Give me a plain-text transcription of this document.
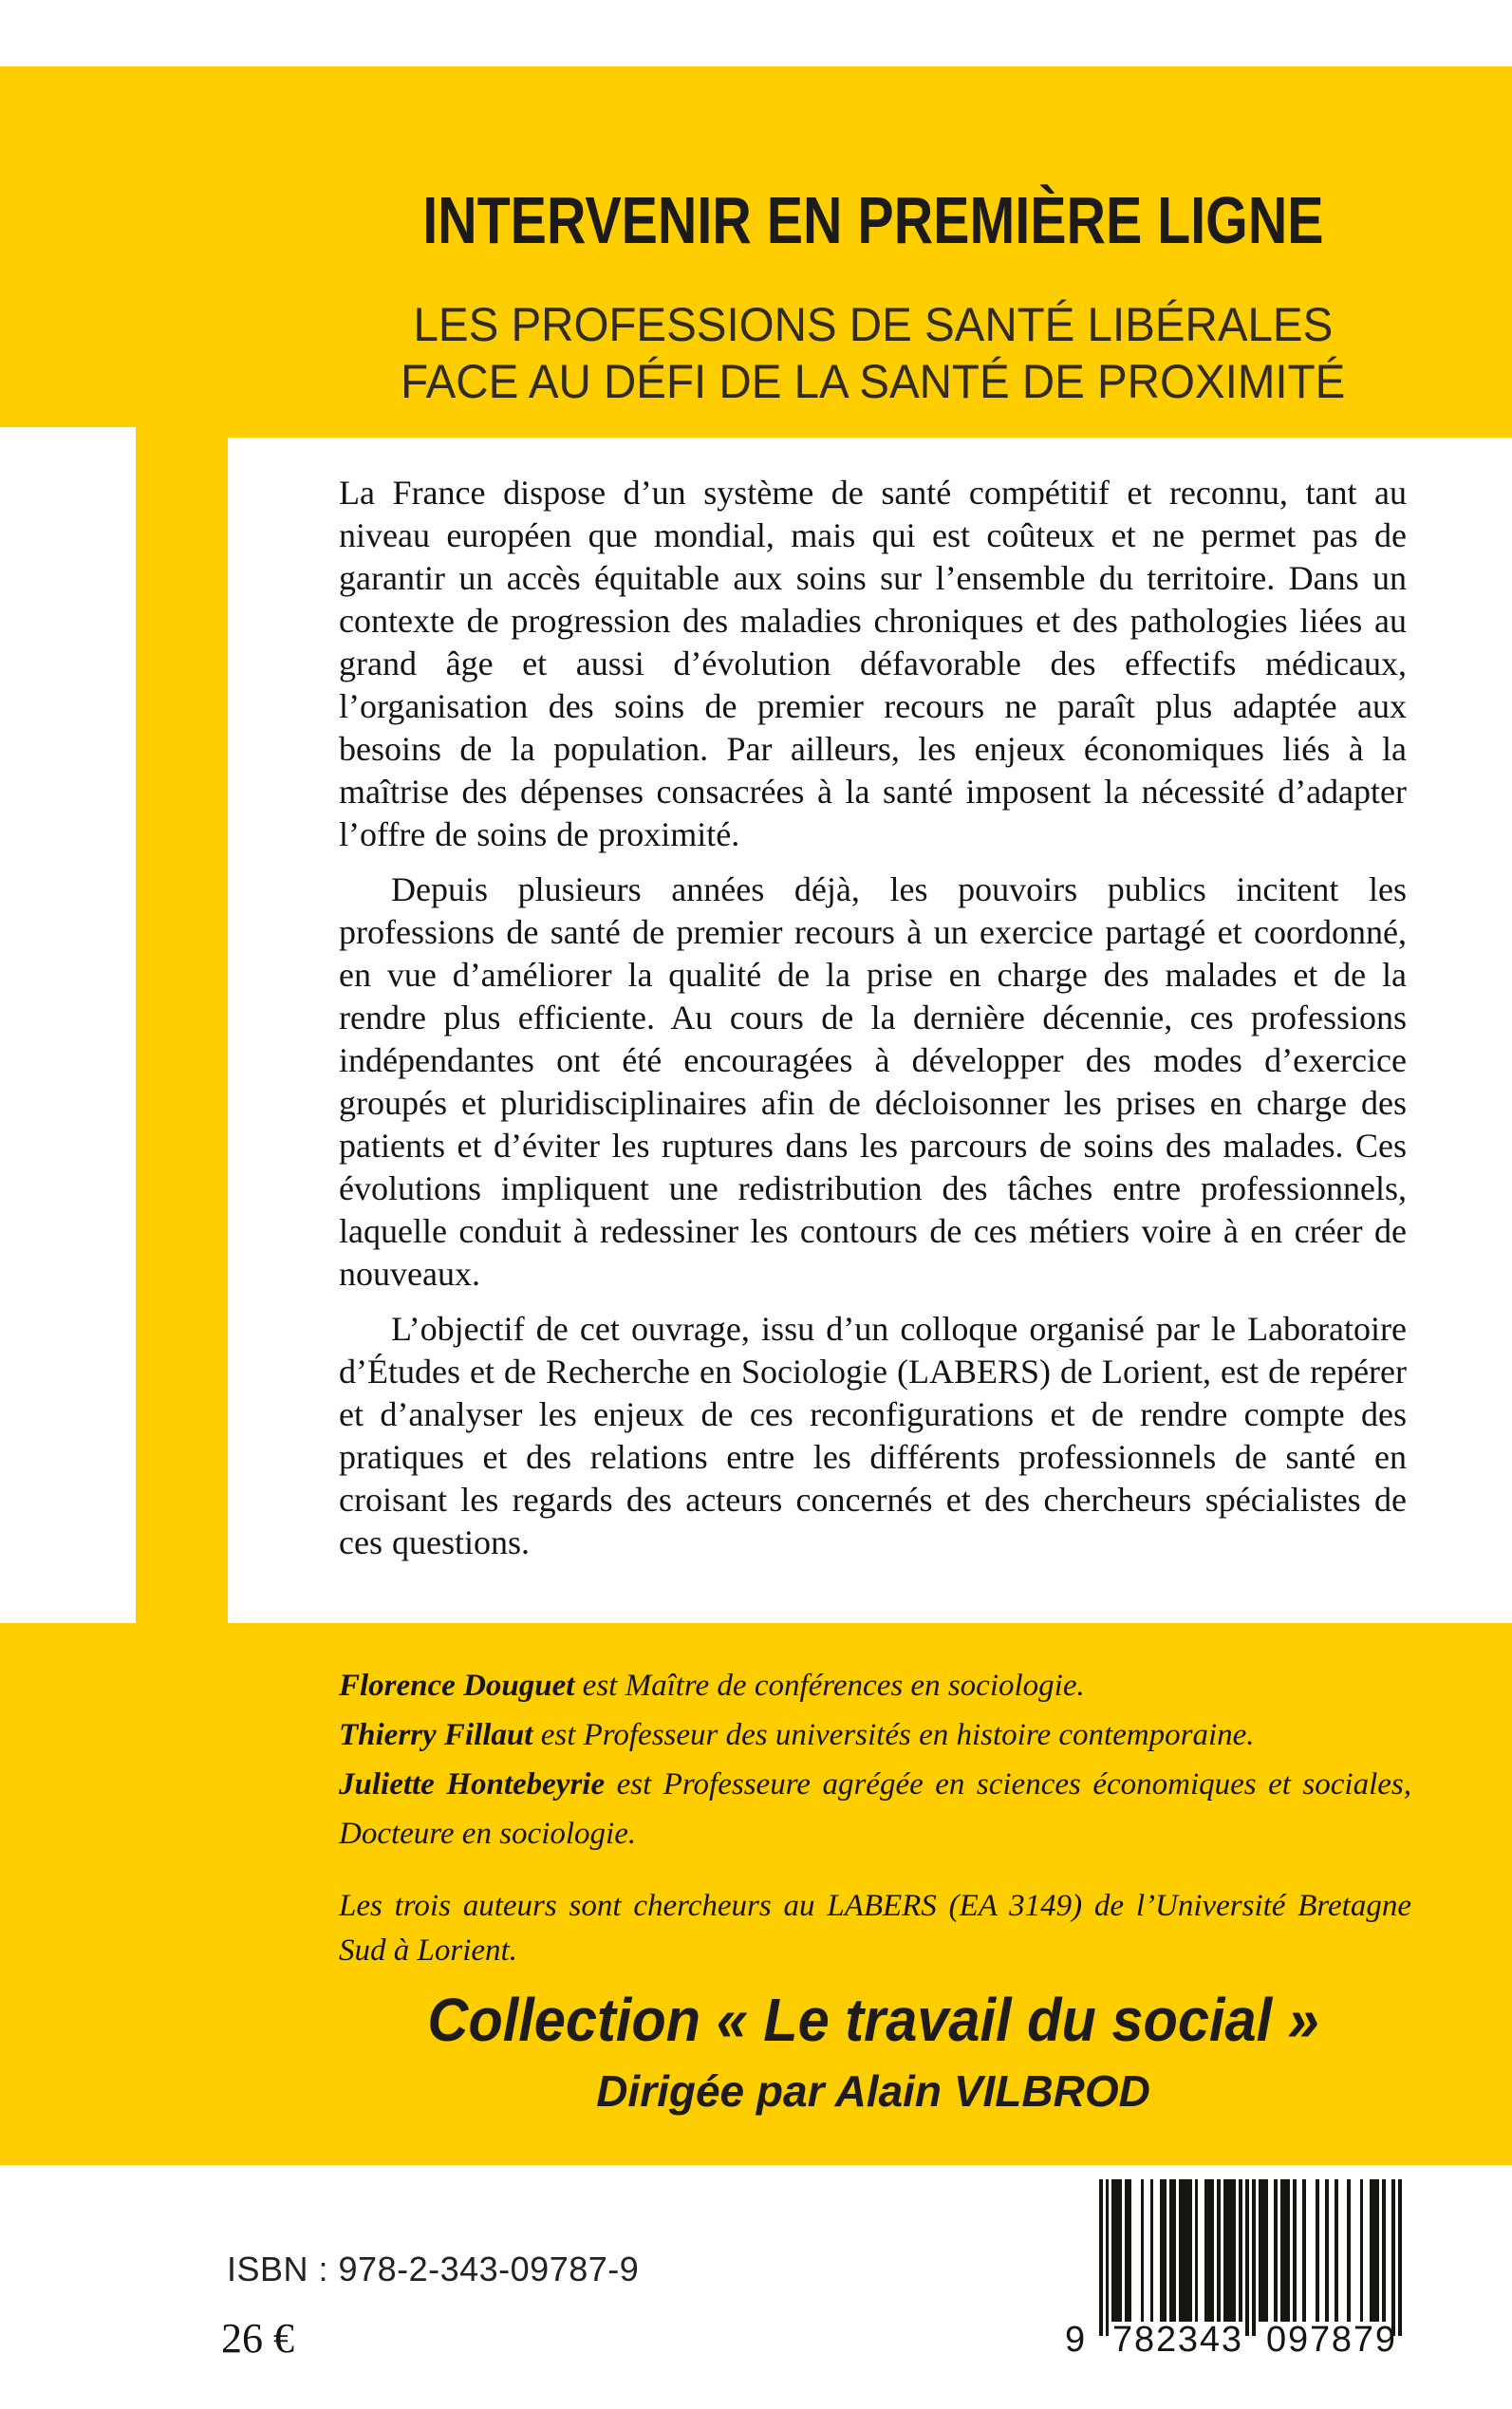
INTERVENIR EN PREMIÈRE LIGNE
LES PROFESSIONS DE SANTÉ LIBÉRALES
FACE AU DÉFI DE LA SANTÉ DE PROXIMITÉ

La France dispose d’un système de santé compétitif et reconnu, tant au niveau européen que mondial, mais qui est coûteux et ne permet pas de garantir un accès équitable aux soins sur l’ensemble du territoire. Dans un contexte de progression des maladies chroniques et des pathologies liées au grand âge et aussi d’évolution défavorable des effectifs médicaux, l’organisation des soins de premier recours ne paraît plus adaptée aux besoins de la population. Par ailleurs, les enjeux économiques liés à la maîtrise des dépenses consacrées à la santé imposent la nécessité d’adapter l’offre de soins de proximité.

Depuis plusieurs années déjà, les pouvoirs publics incitent les professions de santé de premier recours à un exercice partagé et coordonné, en vue d’améliorer la qualité de la prise en charge des malades et de la rendre plus efficiente. Au cours de la dernière décennie, ces professions indépendantes ont été encouragées à développer des modes d’exercice groupés et pluridisciplinaires afin de décloisonner les prises en charge des patients et d’éviter les ruptures dans les parcours de soins des malades. Ces évolutions impliquent une redistribution des tâches entre professionnels, laquelle conduit à redessiner les contours de ces métiers voire à en créer de nouveaux.

L’objectif de cet ouvrage, issu d’un colloque organisé par le Laboratoire d’Études et de Recherche en Sociologie (LABERS) de Lorient, est de repérer et d’analyser les enjeux de ces reconfigurations et de rendre compte des pratiques et des relations entre les différents professionnels de santé en croisant les regards des acteurs concernés et des chercheurs spécialistes de ces questions.

Florence Douguet est Maître de conférences en sociologie.
Thierry Fillaut est Professeur des universités en histoire contemporaine.
Juliette Hontebeyrie est Professeure agrégée en sciences économiques et sociales, Docteure en sociologie.
Les trois auteurs sont chercheurs au LABERS (EA 3149) de l’Université Bretagne Sud à Lorient.
Collection « Le travail du social »
Dirigée par Alain VILBROD
ISBN : 978-2-343-09787-9
26 €	9 7 8 2 3 4 3 0 9 7 8 7 9
